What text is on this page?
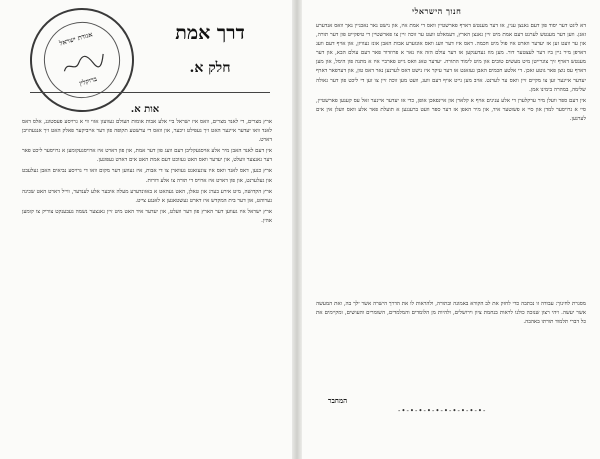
אגודת ישראל
ברוקלין
דרך אמת
חלק א.
אות א.

ארץ מצרים, די לאנד מצרים, וואס איז ישראל ביי אלע אבות אומות העולם געוועזן אזוי ווי א גרויסע פעסטונג, אלס דאס לאנד וואו יעדער איינער האט זיך געפילט זיכער, און וואס די ערשטע תקופה פון דער אייביקער פאלק האט זיך אנגעהויבן דארט.

אין דעם לאנד האבן מיר אלע אויסגעקליבן דעם וועג פון דער אמת, און פון דארט איז ארויסגעקומען א גרויסער ליכט פאר דער גאנצער וועלט, און יעדער וואס האט געזוכט דעם אמת האט אים דארט געפונען.

ארץ כנען, דאס לאנד וואס איז צוגעזאגט געווארן צו די אבות, איז געווען דער מקום וואו די גרויסע נביאים האבן געלעבט און געלערנט, און פון דארט איז ארויס די תורה צו אלע דורות.

ארץ הקדושה, מיט אירע בערג און טאלן, האט געהאט א באזונדערע מעלה איבער אלע לענדער, ווייל דארט האט שכינה גערוהט, און דער בית המקדש איז דארט געשטאנען א לאנגע צייט.

ארץ ישראל איז געווען דער הארץ פון דער וועלט, און יעדער איד האט מיט זיין גאנצער נשמה געבענקט צוריק צו קומען אהין.

חנוך הישראלי

דא ליגט דער יסוד פון דעם גאנצן ענין, אז דער מענטש דארף פארשטיין וואס די אמת איז, און נישט נאר נאכגיין נאך וואס אנדערע זאגן. ווען דער מענטש לערנט דעם אמת מיט זיין גאנצן הארץ, דעמאלט וועט ער זוכה זיין צו פארשטיין די טיפקייט פון דער תורה, און ער וועט זען אז יעדער ווארט איז פול מיט חכמה. דאס איז דער וועג וואס אונזערע אבות האבן אונז געוויזן, און אויף דעם וועג דארפן מיר גיין ביז דער לעצטער דור. מען מוז געדענקען אז דער עולם הזה איז נאר א פרוזדור פאר דעם עולם הבא, און דער מענטש דארף זיך צוגרייטן מיט מעשים טובים און מיט לימוד התורה. יעדער טאג וואס גייט פארביי איז א מתנה פון הימל, און מען דארף עס נוצן פאר גוטע זאכן. די אלטע חכמים האבן געזאגט אז דער עיקר איז נישט דאס לערנען נאר דאס טון, און דערפאר דארף יעדער איינער זען צו מקיים זיין וואס ער לערנט. אויב מען גייט אויף דעם וועג, וועט מען זוכה זיין צו זען די ליכט פון דער גאולה שלימה, במהרה בימינו אמן.

אין דעם ספר וועלן מיר ערקלערן די אלע ענינים אויף א קלארן און איינפאכן אופן, כדי אז יעדער איינער זאל עס קענען פארשטיין, סיי א גרויסער למדן און סיי א פשוטער איד, און מיר האפן אז דער ספר וועט ברענגען א תועלת פאר אלע וואס וועלן אין אים לערנען.

מסגרת לחינוך: עבודה זו נכתבה כדי לחזק את לב הקורא באמונה ובתורה, ולהראות לו את הדרך הישרה אשר ילך בה, ואת המעשה אשר יעשה. ויהי רצון שנזכה כולנו לראות בנחמת ציון וירושלים, ולהיות מן הלומדים והמלמדים, השומרים והעושים, ומקיימים את כל דברי תלמוד תורתו באהבה.
המחבר
-•-•-•-•-•-•-•-•-•-•-
